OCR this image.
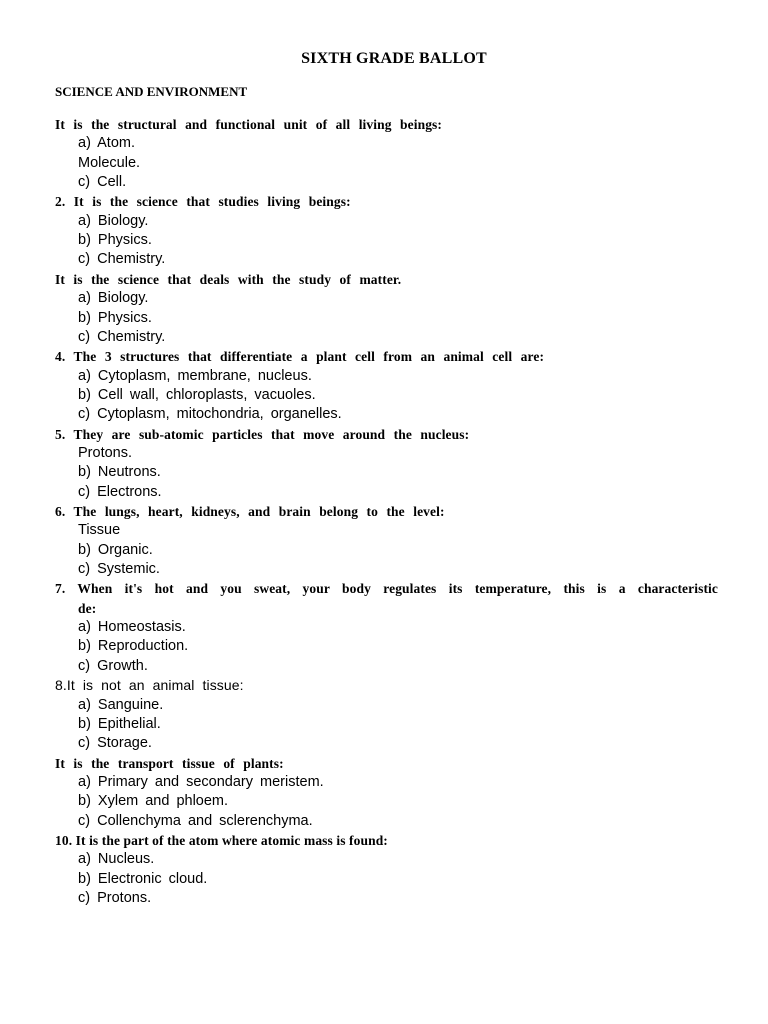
SIXTH GRADE BALLOT
SCIENCE AND ENVIRONMENT
It is the structural and functional unit of all living beings:
a) Atom.
Molecule.
c) Cell.
2. It is the science that studies living beings:
a) Biology.
b) Physics.
c) Chemistry.
It is the science that deals with the study of matter.
a) Biology.
b) Physics.
c) Chemistry.
4. The 3 structures that differentiate a plant cell from an animal cell are:
a) Cytoplasm, membrane, nucleus.
b) Cell wall, chloroplasts, vacuoles.
c) Cytoplasm, mitochondria, organelles.
5. They are sub-atomic particles that move around the nucleus:
Protons.
b) Neutrons.
c) Electrons.
6. The lungs, heart, kidneys, and brain belong to the level:
Tissue
b) Organic.
c) Systemic.
7. When it's hot and you sweat, your body regulates its temperature, this is a characteristic
de:
a) Homeostasis.
b) Reproduction.
c) Growth.
8.It is not an animal tissue:
a) Sanguine.
b) Epithelial.
c) Storage.
It is the transport tissue of plants:
a) Primary and secondary meristem.
b) Xylem and phloem.
c) Collenchyma and sclerenchyma.
10. It is the part of the atom where atomic mass is found:
a) Nucleus.
b) Electronic cloud.
c) Protons.
